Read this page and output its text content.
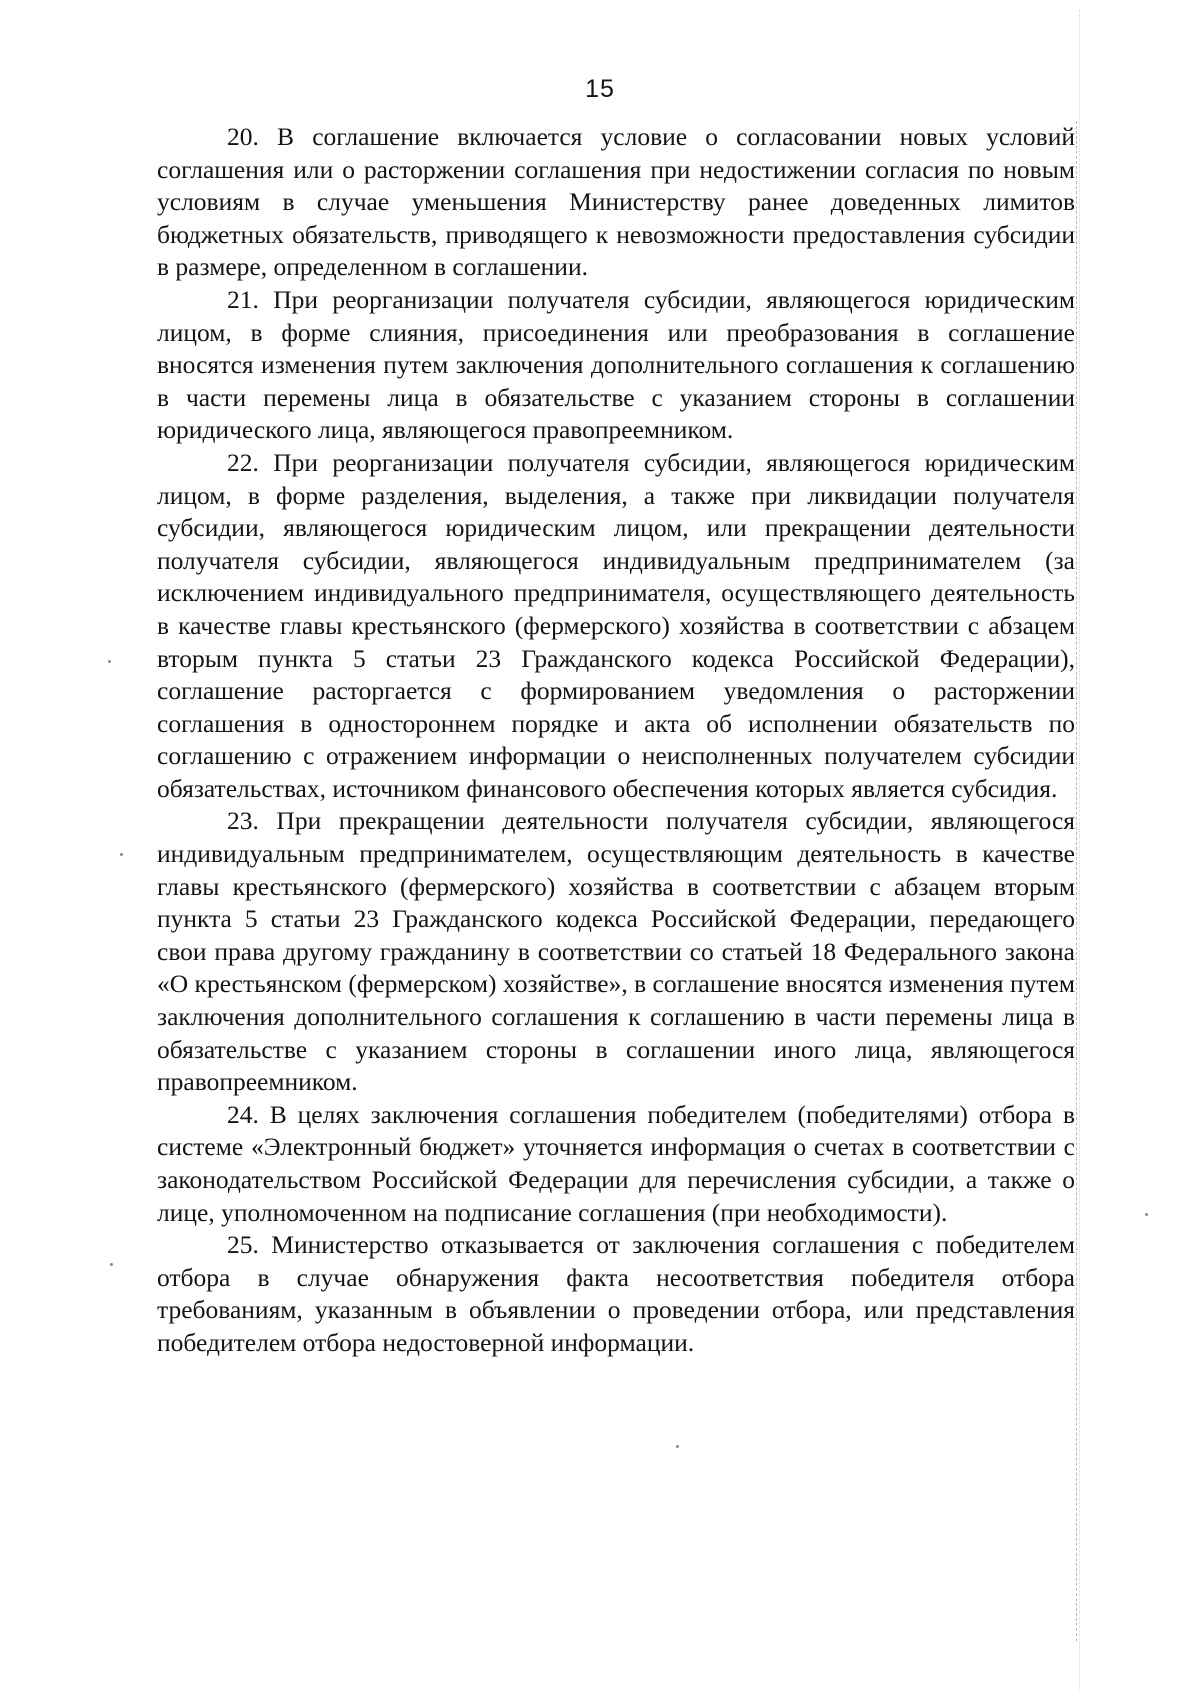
15

20. В соглашение включается условие о согласовании новых условий соглашения или о расторжении соглашения при недостижении согласия по новым условиям в случае уменьшения Министерству ранее доведенных лимитов бюджетных обязательств, приводящего к невозможности предоставления субсидии в размере, определенном в соглашении.

21. При реорганизации получателя субсидии, являющегося юридическим лицом, в форме слияния, присоединения или преобразования в соглашение вносятся изменения путем заключения дополнительного соглашения к соглашению в части перемены лица в обязательстве с указанием стороны в соглашении юридического лица, являющегося правопреемником.

22. При реорганизации получателя субсидии, являющегося юридическим лицом, в форме разделения, выделения, а также при ликвидации получателя субсидии, являющегося юридическим лицом, или прекращении деятельности получателя субсидии, являющегося индивидуальным предпринимателем (за исключением индивидуального предпринимателя, осуществляющего деятельность в качестве главы крестьянского (фермерского) хозяйства в соответствии с абзацем вторым пункта 5 статьи 23 Гражданского кодекса Российской Федерации), соглашение расторгается с формированием уведомления о расторжении соглашения в одностороннем порядке и акта об исполнении обязательств по соглашению с отражением информации о неисполненных получателем субсидии обязательствах, источником финансового обеспечения которых является субсидия.

23. При прекращении деятельности получателя субсидии, являющегося индивидуальным предпринимателем, осуществляющим деятельность в качестве главы крестьянского (фермерского) хозяйства в соответствии с абзацем вторым пункта 5 статьи 23 Гражданского кодекса Российской Федерации, передающего свои права другому гражданину в соответствии со статьей 18 Федерального закона «О крестьянском (фермерском) хозяйстве», в соглашение вносятся изменения путем заключения дополнительного соглашения к соглашению в части перемены лица в обязательстве с указанием стороны в соглашении иного лица, являющегося правопреемником.

24. В целях заключения соглашения победителем (победителями) отбора в системе «Электронный бюджет» уточняется информация о счетах в соответствии с законодательством Российской Федерации для перечисления субсидии, а также о лице, уполномоченном на подписание соглашения (при необходимости).

25. Министерство отказывается от заключения соглашения с победителем отбора в случае обнаружения факта несоответствия победителя отбора требованиям, указанным в объявлении о проведении отбора, или представления победителем отбора недостоверной информации.
